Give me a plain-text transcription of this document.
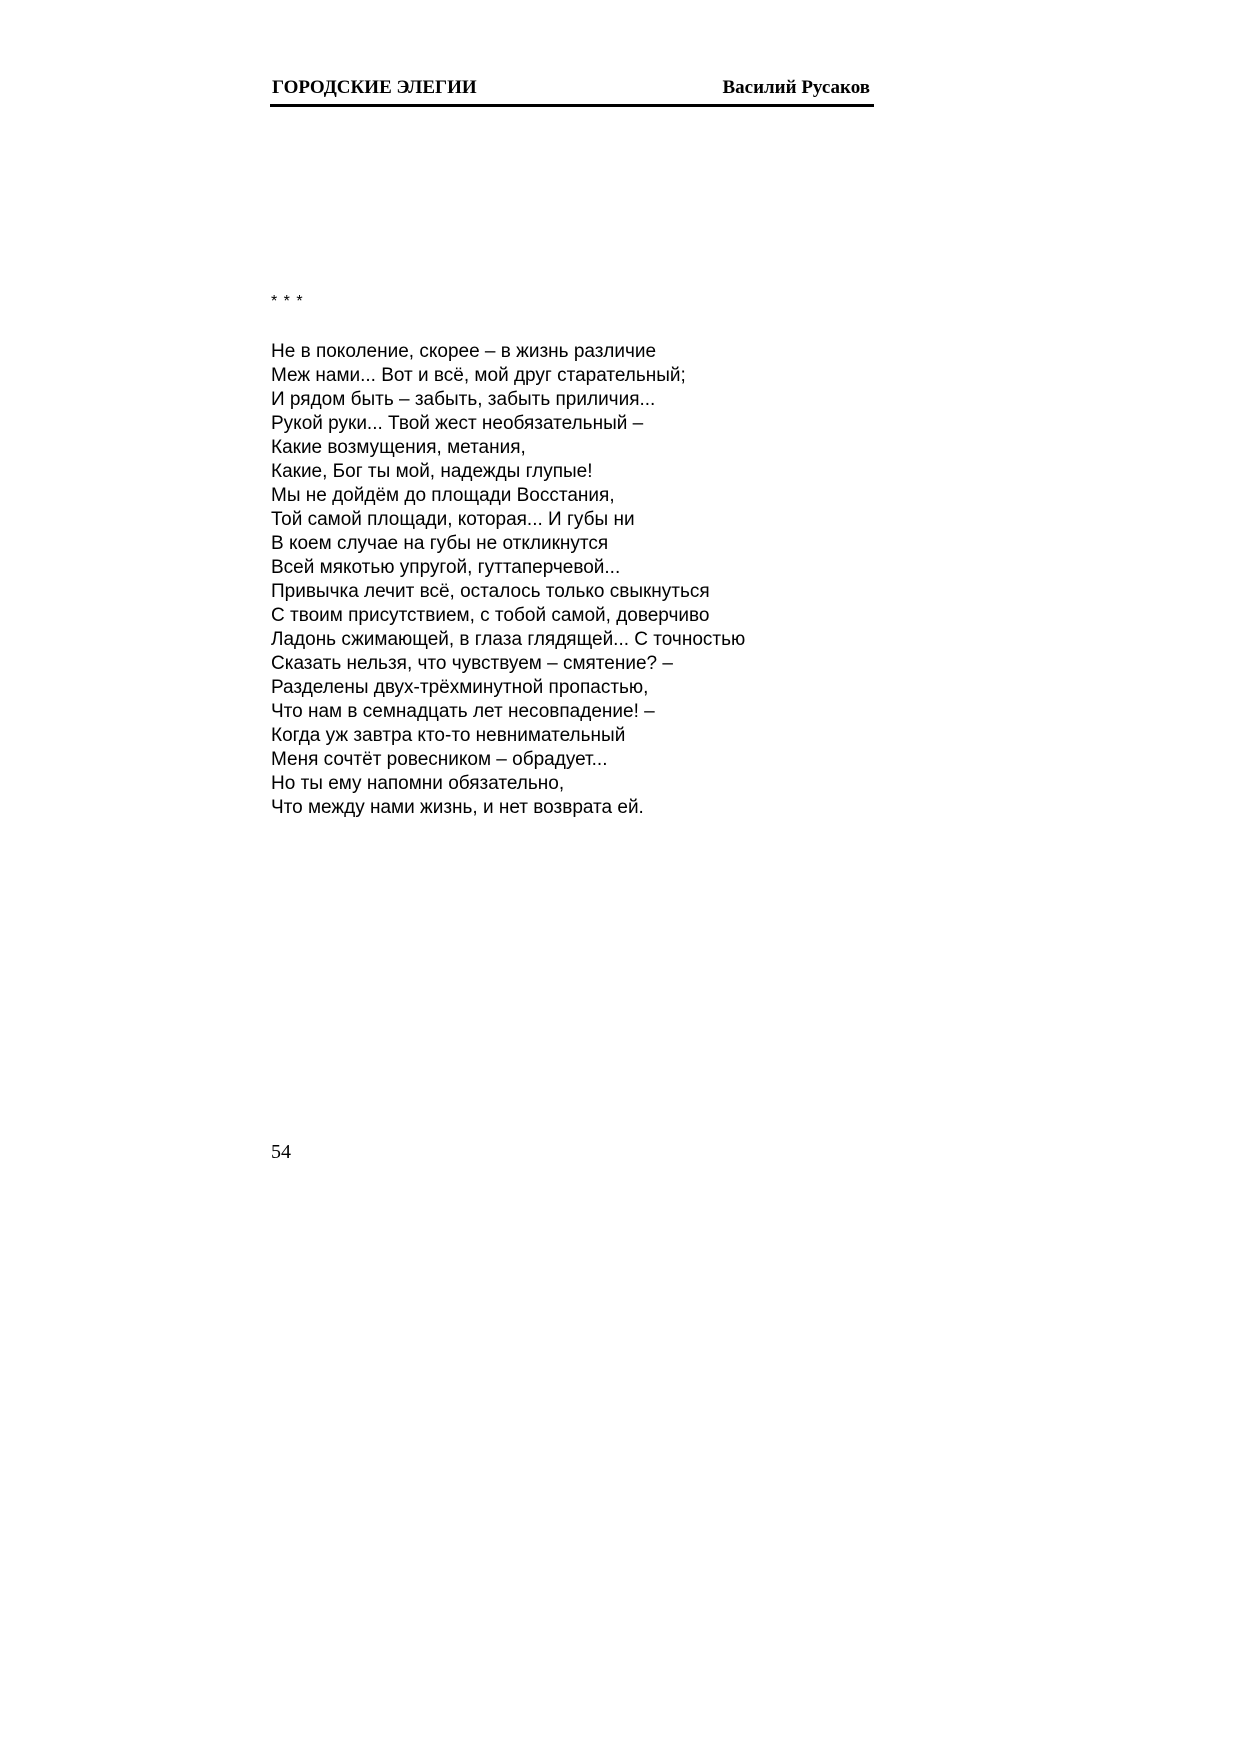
ГОРОДСКИЕ ЭЛЕГИИ	Василий Русаков
* * *
Не в поколение, скорее – в жизнь различие
Меж нами... Вот и всё, мой друг старательный;
И рядом быть – забыть, забыть приличия...
Рукой руки... Твой жест необязательный –
Какие возмущения, метания,
Какие, Бог ты мой, надежды глупые!
Мы не дойдём до площади Восстания,
Той самой площади, которая... И губы ни
В коем случае на губы не откликнутся
Всей мякотью упругой, гуттаперчевой...
Привычка лечит всё, осталось только свыкнуться
С твоим присутствием, с тобой самой, доверчиво
Ладонь сжимающей, в глаза глядящей... С точностью
Сказать нельзя, что чувствуем – смятение? –
Разделены двух-трёхминутной пропастью,
Что нам в семнадцать лет несовпадение! –
Когда уж завтра кто-то невнимательный
Меня сочтёт ровесником – обрадует...
Но ты ему напомни обязательно,
Что между нами жизнь, и нет возврата ей.
54
